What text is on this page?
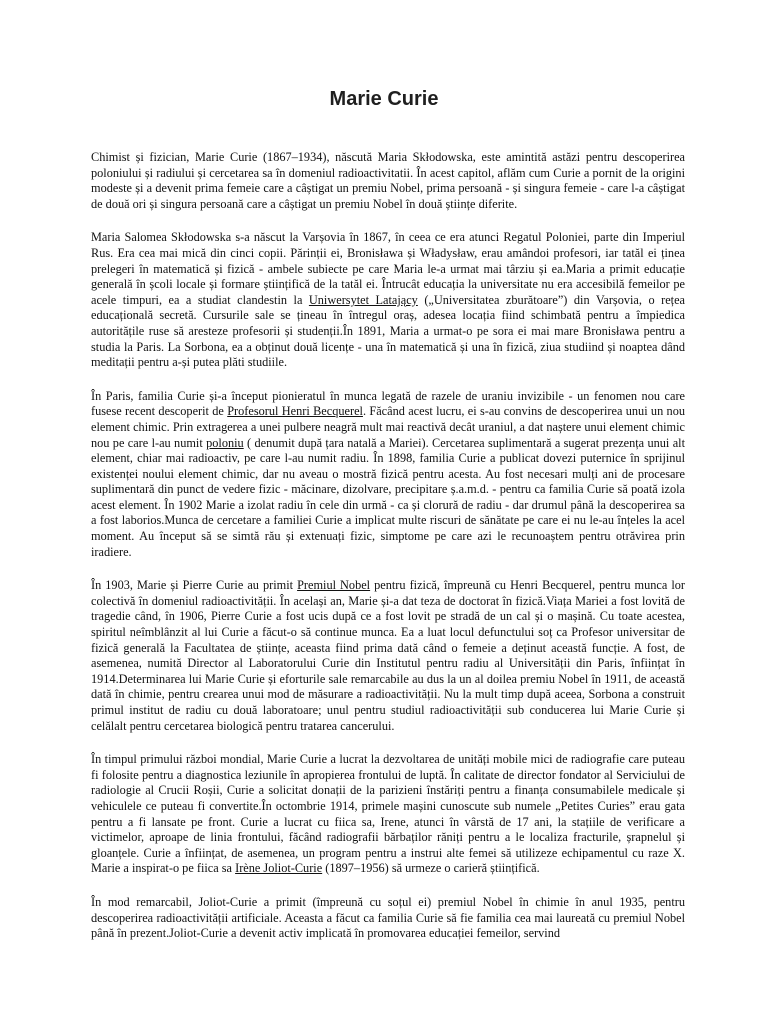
Marie Curie

Chimist și fizician, Marie Curie (1867–1934), născută Maria Skłodowska, este amintită astăzi pentru descoperirea poloniului și radiului și cercetarea sa în domeniul radioactivitatii. În acest capitol, aflăm cum Curie a pornit de la origini modeste și a devenit prima femeie care a câștigat un premiu Nobel, prima persoană - și singura femeie - care l-a câștigat de două ori și singura persoană care a câștigat un premiu Nobel în două științe diferite.

Maria Salomea Skłodowska s-a născut la Varșovia în 1867, în ceea ce era atunci Regatul Poloniei, parte din Imperiul Rus. Era cea mai mică din cinci copii. Părinții ei, Bronisława și Władysław, erau amândoi profesori, iar tatăl ei ținea prelegeri în matematică și fizică - ambele subiecte pe care Maria le-a urmat mai târziu și ea.Maria a primit educație generală în școli locale și formare științifică de la tatăl ei. Întrucât educația la universitate nu era accesibilă femeilor pe acele timpuri, ea a studiat clandestin la Uniwersytet Latający („Universitatea zburătoare”) din Varșovia, o rețea educațională secretă. Cursurile sale se țineau în întregul oraș, adesea locația fiind schimbată pentru a împiedica autoritățile ruse să aresteze profesorii și studenții.În 1891, Maria a urmat-o pe sora ei mai mare Bronisława pentru a studia la Paris. La Sorbona, ea a obținut două licențe - una în matematică și una în fizică, ziua studiind și noaptea dând meditații pentru a-și putea plăti studiile.

În Paris, familia Curie și-a început pionieratul în munca legată de razele de uraniu invizibile - un fenomen nou care fusese recent descoperit de Profesorul Henri Becquerel. Făcând acest lucru, ei s-au convins de descoperirea unui un nou element chimic. Prin extragerea a unei pulbere neagră mult mai reactivă decât uraniul, a dat naștere unui element chimic nou pe care l-au numit poloniu ( denumit după țara natală a Mariei). Cercetarea suplimentară a sugerat prezența unui alt element, chiar mai radioactiv, pe care l-au numit radiu. În 1898, familia Curie a publicat dovezi puternice în sprijinul existenței noului element chimic, dar nu aveau o mostră fizică pentru acesta. Au fost necesari mulți ani de procesare suplimentară din punct de vedere fizic - măcinare, dizolvare, precipitare ș.a.m.d. - pentru ca familia Curie să poată izola acest element. În 1902 Marie a izolat radiu în cele din urmă - ca și clorură de radiu - dar drumul până la descoperirea sa a fost laborios.Munca de cercetare a familiei Curie a implicat multe riscuri de sănătate pe care ei nu le-au înțeles la acel moment. Au început să se simtă rău și extenuați fizic, simptome pe care azi le recunoaștem pentru otrăvirea prin iradiere.

În 1903, Marie și Pierre Curie au primit Premiul Nobel pentru fizică, împreună cu Henri Becquerel, pentru munca lor colectivă în domeniul radioactivității. În același an, Marie și-a dat teza de doctorat în fizică.Viața Mariei a fost lovită de tragedie când, în 1906, Pierre Curie a fost ucis după ce a fost lovit pe stradă de un cal și o mașină. Cu toate acestea, spiritul neîmblânzit al lui Curie a făcut-o să continue munca. Ea a luat locul defunctului soț ca Profesor universitar de fizică generală la Facultatea de științe, aceasta fiind prima dată când o femeie a deținut această funcție. A fost, de asemenea, numită Director al Laboratorului Curie din Institutul pentru radiu al Universității din Paris, înființat în 1914.Determinarea lui Marie Curie și eforturile sale remarcabile au dus la un al doilea premiu Nobel în 1911, de această dată în chimie, pentru crearea unui mod de măsurare a radioactivității. Nu la mult timp după aceea, Sorbona a construit primul institut de radiu cu două laboratoare; unul pentru studiul radioactivității sub conducerea lui Marie Curie și celălalt pentru cercetarea biologică pentru tratarea cancerului.

În timpul primului război mondial, Marie Curie a lucrat la dezvoltarea de unități mobile mici de radiografie care puteau fi folosite pentru a diagnostica leziunile în apropierea frontului de luptă. În calitate de director fondator al Serviciului de radiologie al Crucii Roșii, Curie a solicitat donații de la parizieni înstăriți pentru a finanța consumabilele medicale și vehiculele ce puteau fi convertite.În octombrie 1914, primele mașini cunoscute sub numele „Petites Curies” erau gata pentru a fi lansate pe front. Curie a lucrat cu fiica sa, Irene, atunci în vârstă de 17 ani, la stațiile de verificare a victimelor, aproape de linia frontului, făcând radiografii bărbaților răniți pentru a le localiza fracturile, șrapnelul și gloanțele. Curie a înființat, de asemenea, un program pentru a instrui alte femei să utilizeze echipamentul cu raze X. Marie a inspirat-o pe fiica sa Irène Joliot-Curie (1897–1956) să urmeze o carieră științifică.

În mod remarcabil, Joliot-Curie a primit (împreună cu soțul ei) premiul Nobel în chimie în anul 1935, pentru descoperirea radioactivității artificiale. Aceasta a făcut ca familia Curie să fie familia cea mai laureată cu premiul Nobel până în prezent.Joliot-Curie a devenit activ implicată în promovarea educației femeilor, servind
